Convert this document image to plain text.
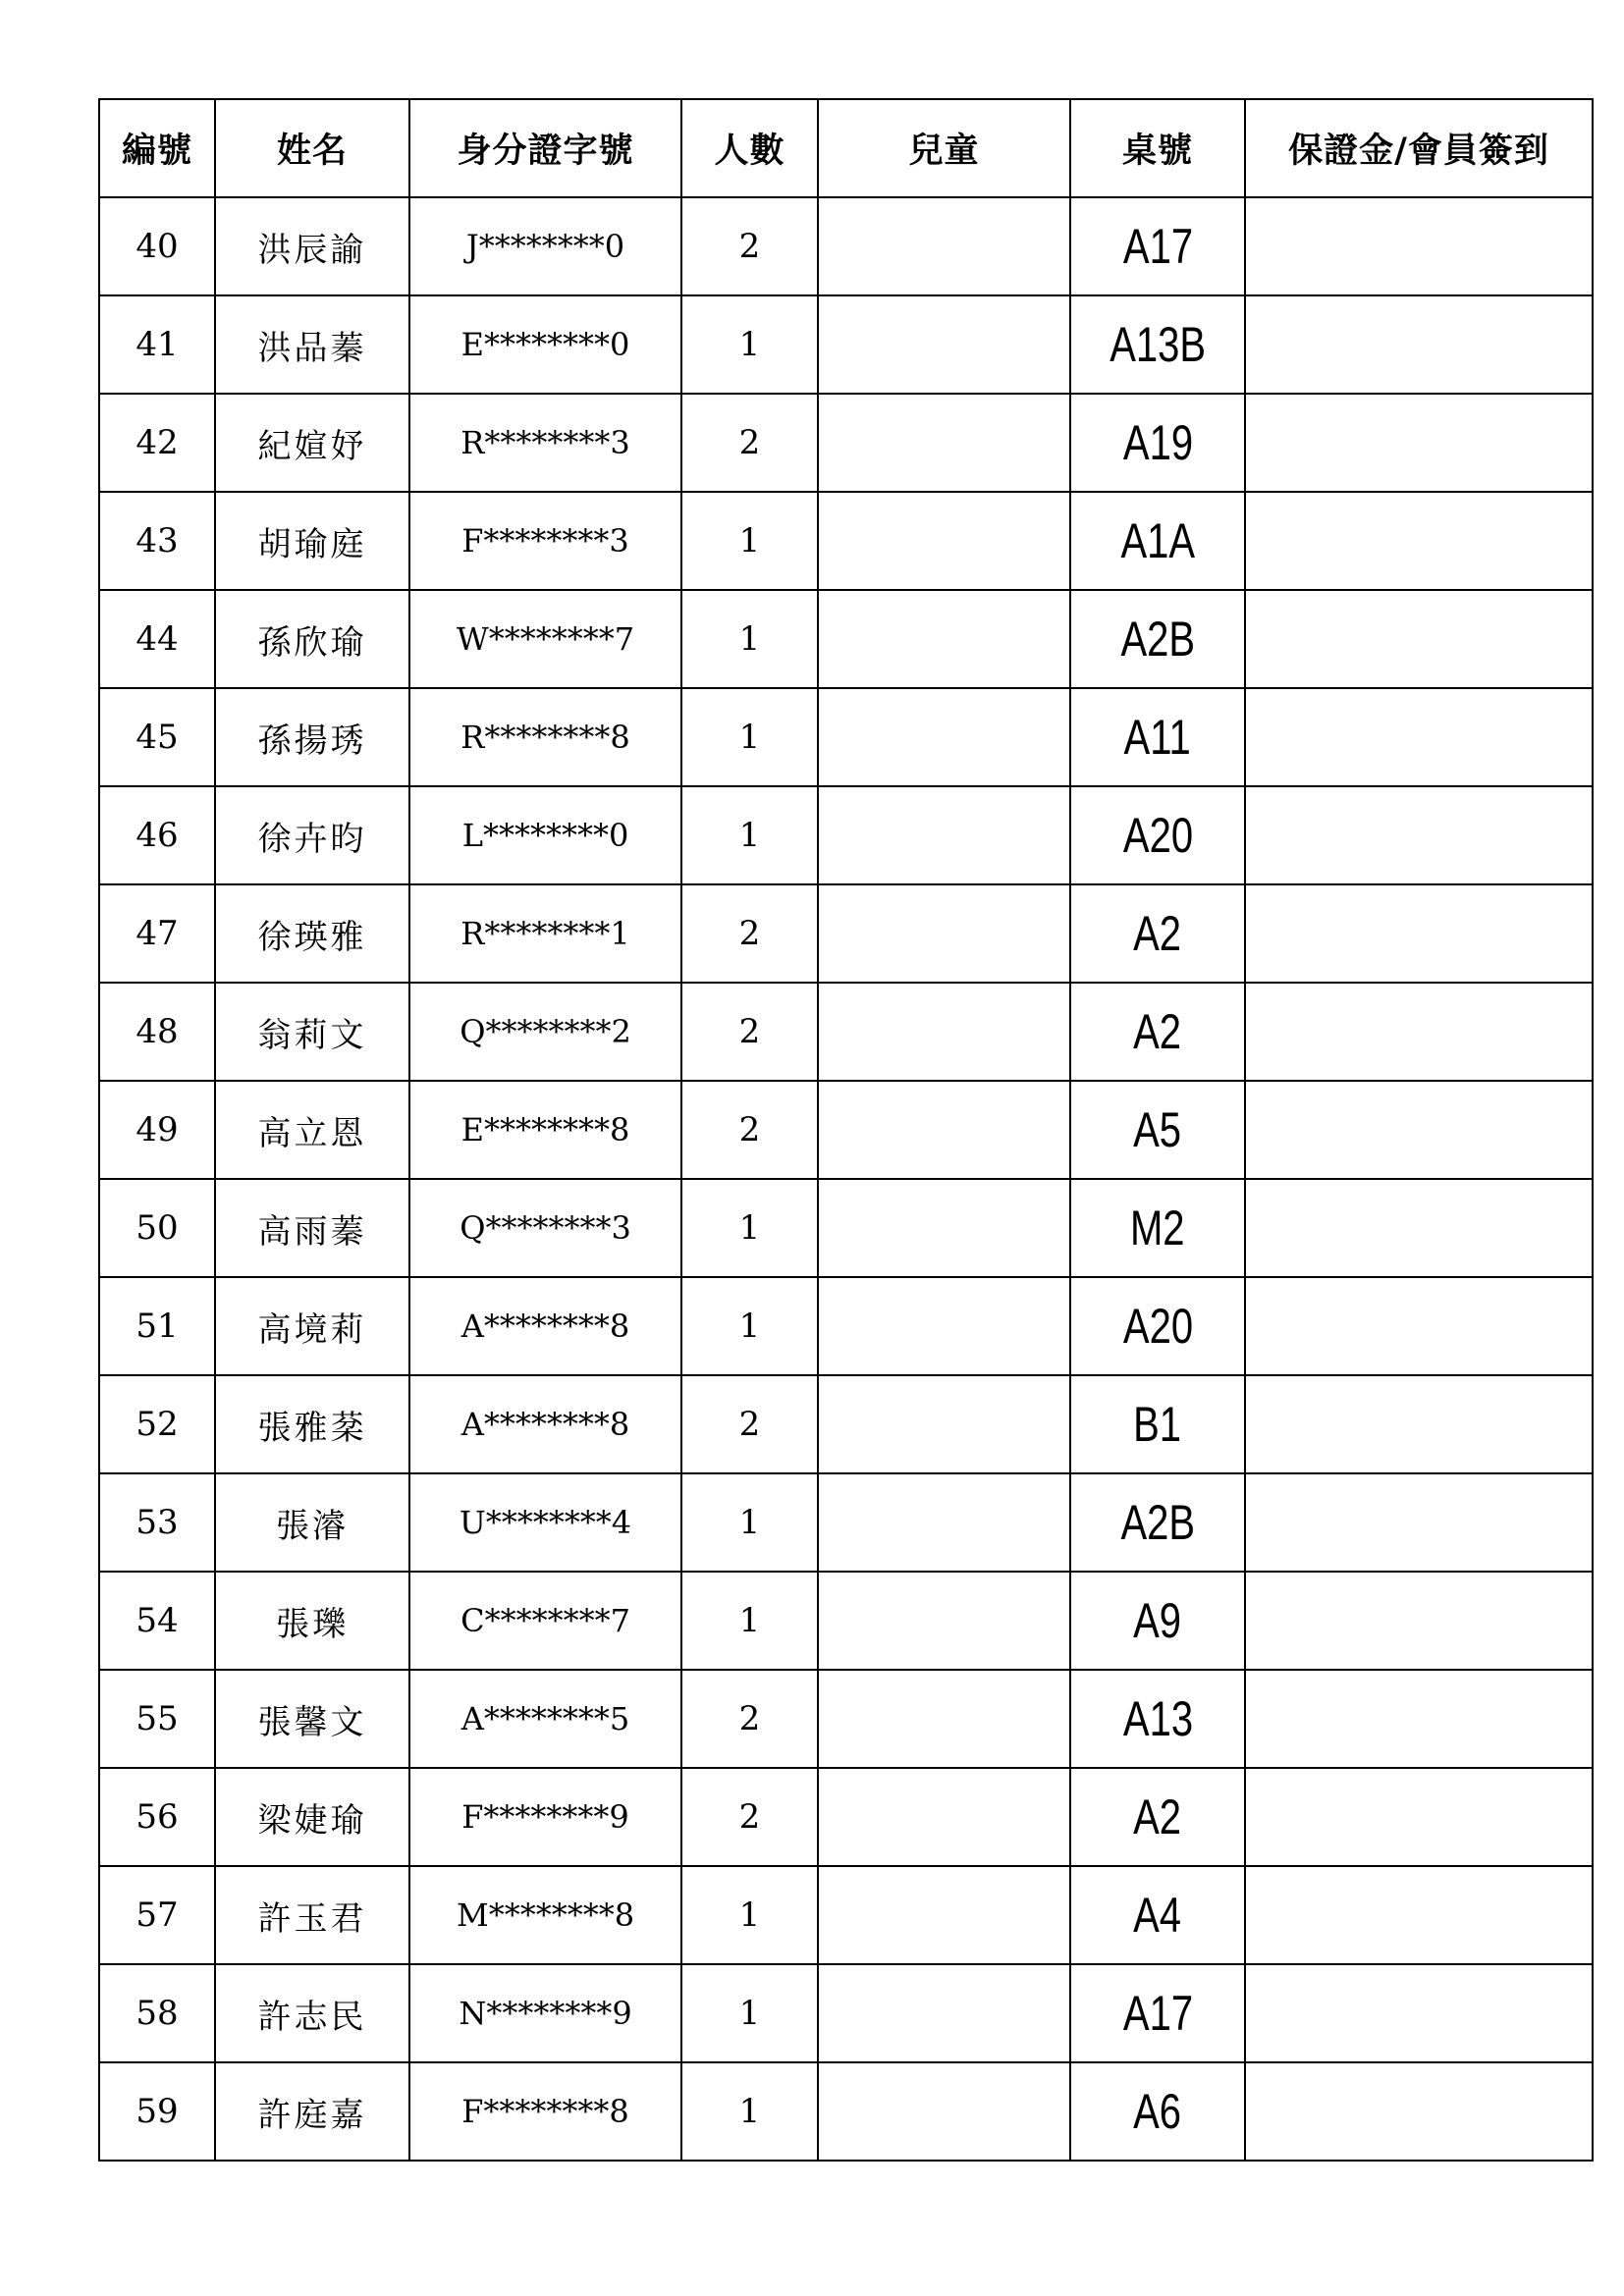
編號	姓名	身分證字號	人數	兒童	桌號	保證金/會員簽到
40	洪辰諭	J********0	2		A17	
41	洪品蓁	E********0	1		A13B	
42	紀媗妤	R********3	2		A19	
43	胡瑜庭	F********3	1		A1A	
44	孫欣瑜	W********7	1		A2B	
45	孫揚琇	R********8	1		A11	
46	徐卉昀	L********0	1		A20	
47	徐瑛雅	R********1	2		A2	
48	翁莉文	Q********2	2		A2	
49	高立恩	E********8	2		A5	
50	高雨蓁	Q********3	1		M2	
51	高境莉	A********8	1		A20	
52	張雅棻	A********8	2		B1	
53	張濬	U********4	1		A2B	
54	張瓅	C********7	1		A9	
55	張馨文	A********5	2		A13	
56	梁婕瑜	F********9	2		A2	
57	許玉君	M********8	1		A4	
58	許志民	N********9	1		A17	
59	許庭嘉	F********8	1		A6	
